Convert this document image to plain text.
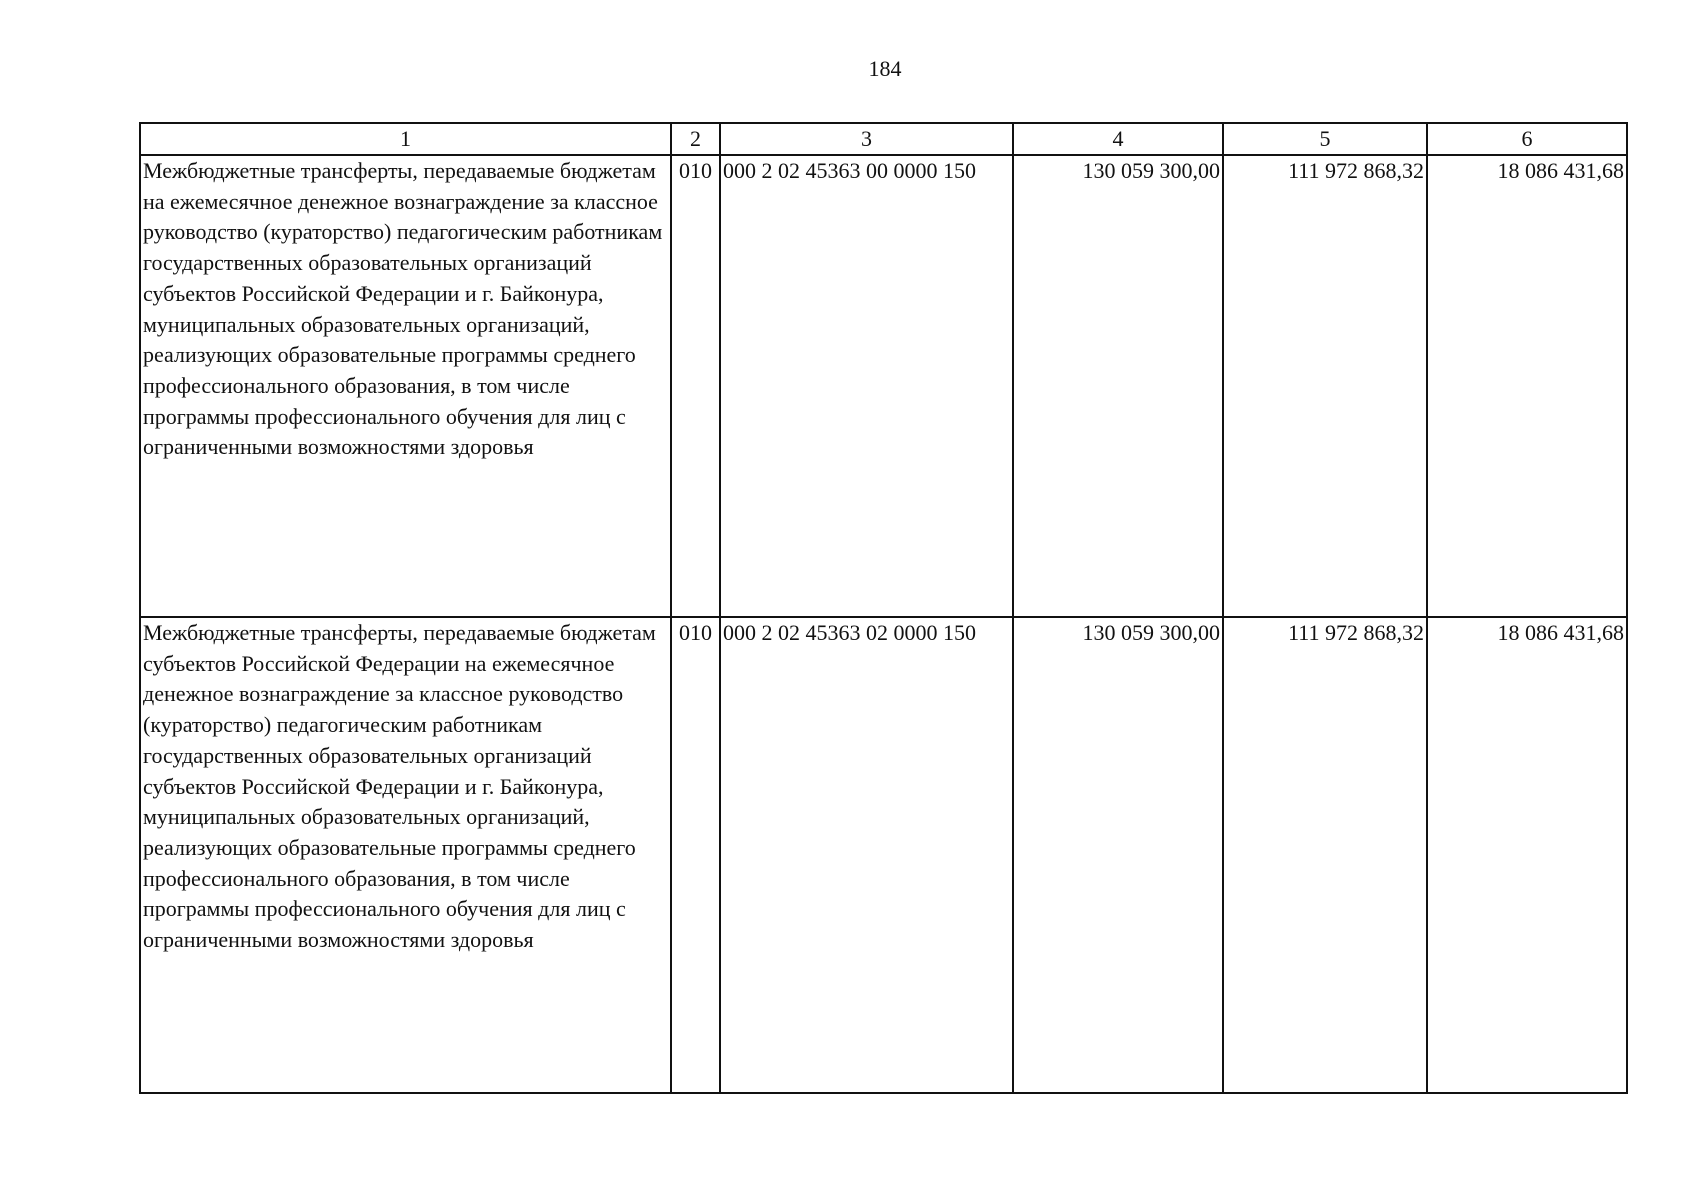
184
1	2	3	4	5	6
Межбюджетные трансферты, передаваемые бюджетам на ежемесячное денежное вознаграждение за классное руководство (кураторство) педагогическим работникам государственных образовательных организаций субъектов Российской Федерации и г. Байконура, муниципальных образовательных организаций, реализующих образовательные программы среднего профессионального образования, в том числе программы профессионального обучения для лиц с ограниченными возможностями здоровья	010	000 2 02 45363 00 0000 150	130 059 300,00	111 972 868,32	18 086 431,68
Межбюджетные трансферты, передаваемые бюджетам субъектов Российской Федерации на ежемесячное денежное вознаграждение за классное руководство (кураторство) педагогическим работникам государственных образовательных организаций субъектов Российской Федерации и г. Байконура, муниципальных образовательных организаций, реализующих образовательные программы среднего профессионального образования, в том числе программы профессионального обучения для лиц с ограниченными возможностями здоровья	010	000 2 02 45363 02 0000 150	130 059 300,00	111 972 868,32	18 086 431,68
